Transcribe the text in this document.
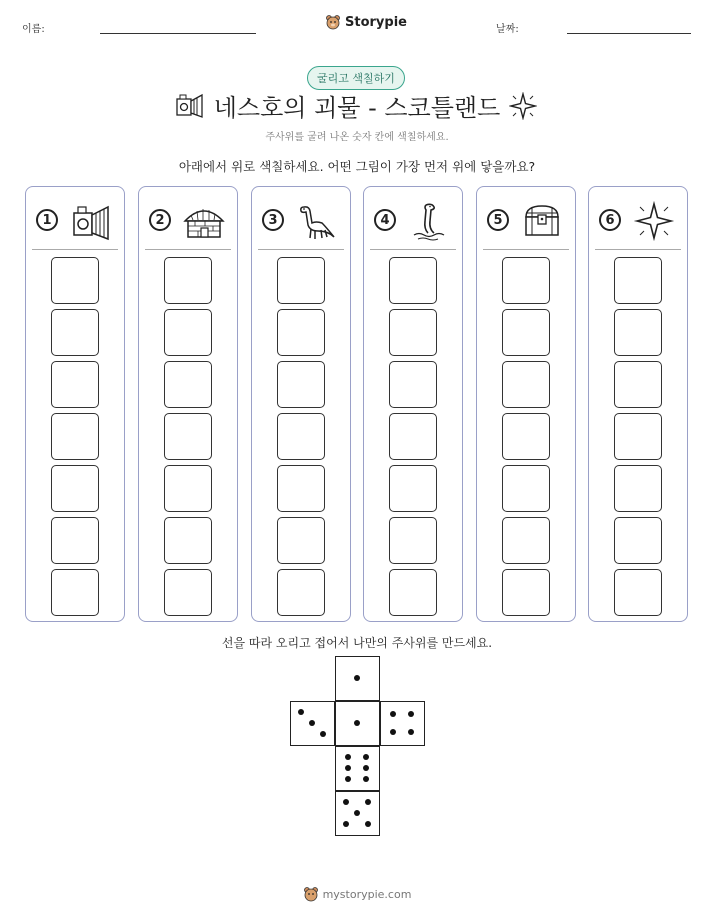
이름:	Storypie	날짜:
굴리고 색칠하기
네스호의 괴물 - 스코틀랜드
주사위를 굴려 나온 숫자 칸에 색칠하세요.
아래에서 위로 색칠하세요. 어떤 그림이 가장 먼저 위에 닿을까요?
1	2	3	4	5	6
선을 따라 오리고 접어서 나만의 주사위를 만드세요.
mystorypie.com
